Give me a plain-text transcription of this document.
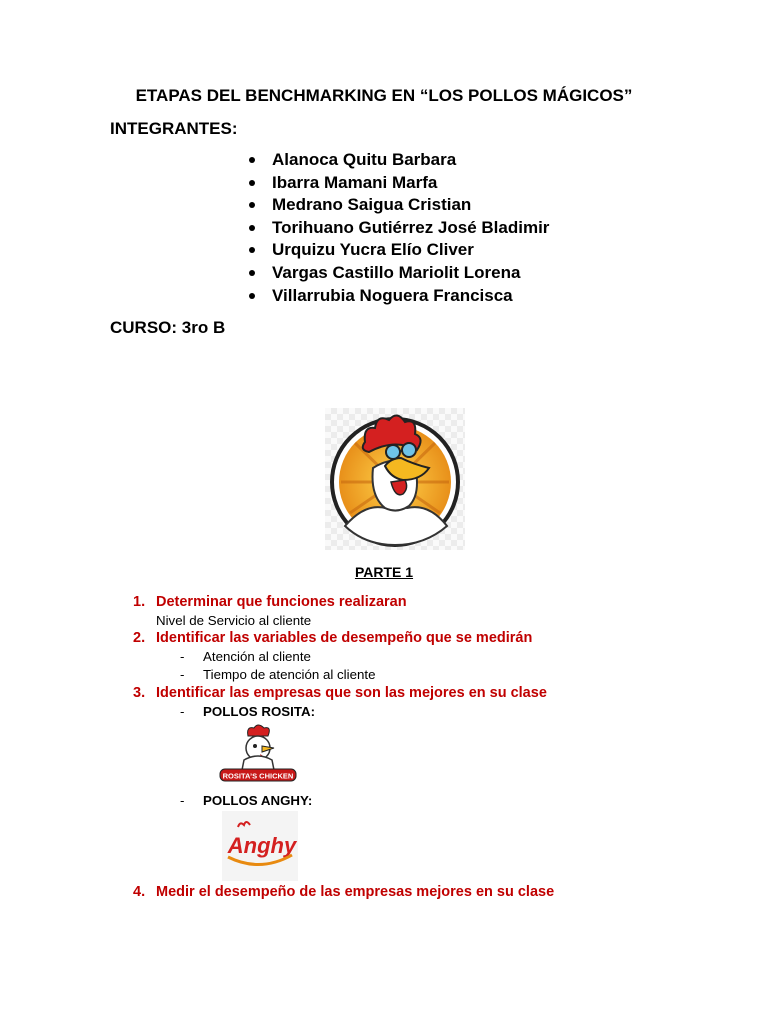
ETAPAS DEL BENCHMARKING EN “LOS POLLOS MÁGICOS”
INTEGRANTES:
Alanoca Quitu Barbara
Ibarra Mamani Marfa
Medrano Saigua Cristian
Torihuano Gutiérrez José Bladimir
Urquizu Yucra Elío Cliver
Vargas Castillo Mariolit Lorena
Villarrubia Noguera Francisca
CURSO: 3ro B
PARTE 1
1. Determinar que funciones realizaran
Nivel de Servicio al cliente
2. Identificar las variables de desempeño que se medirán
- Atención al cliente
- Tiempo de atención al cliente
3. Identificar las empresas que son las mejores en su clase
- POLLOS ROSITA:
ROSITA’S CHICKEN
- POLLOS ANGHY:
Anghy
4. Medir el desempeño de las empresas mejores en su clase
